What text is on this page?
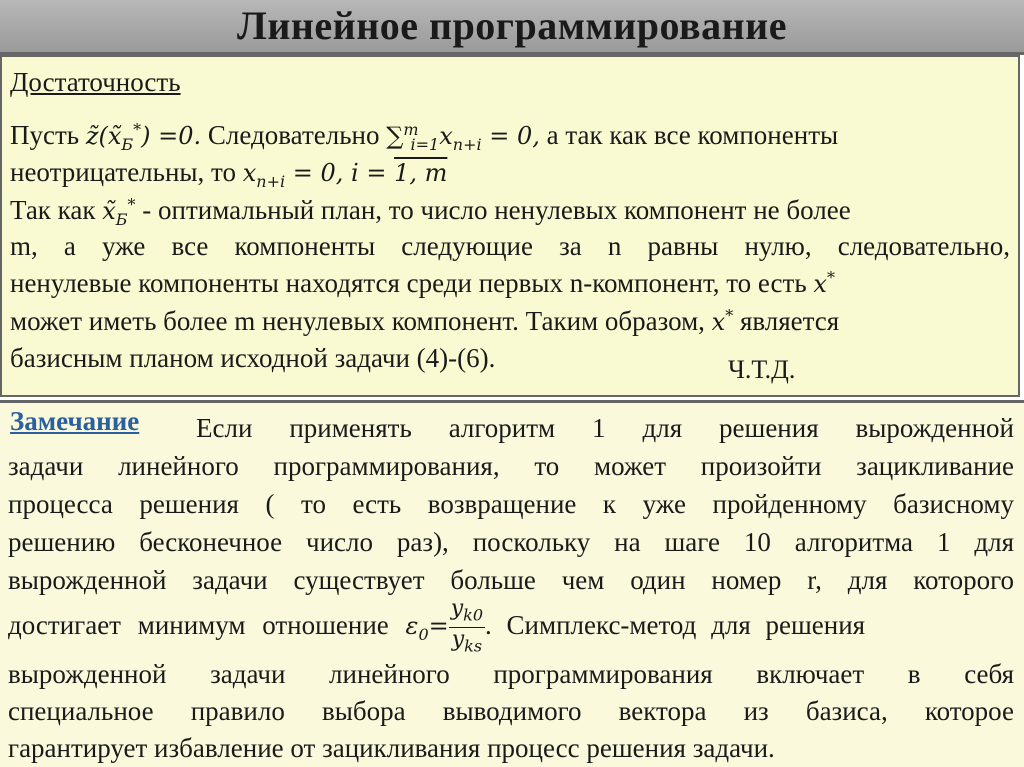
Линейное программирование
Достаточность
Пусть $z̃(x̃_Б^*) =0$. Следовательно $\sum^m_{i=1}x_{n+i} = 0$, а так как все компоненты
неотрицательны, то $x_{n+i} = 0$, i = 1, m
Так как $x̃_Б^*$ - оптимальный план, то число ненулевых компонент не более
m, а уже все компоненты следующие за n равны нулю, следовательно,
ненулевые компоненты находятся среди первых n-компонент, то есть x*
может иметь более m ненулевых компонент. Таким образом, x* является
базисным планом исходной задачи (4)-(6).	Ч.Т.Д.
Замечание Если применять алгоритм 1 для решения вырожденной
задачи линейного программирования, то может произойти зацикливание
процесса решения ( то есть возвращение к уже пройденному базисному
решению бесконечное число раз), поскольку на шаге 10 алгоритма 1 для
вырожденной задачи существует больше чем один номер r, для которого
достигает минимум отношение $\varepsilon_0= \frac{y_{k0}}{y_{ks}}$ . Симплекс-метод для решения
вырожденной задачи линейного программирования включает в себя
специальное правило выбора выводимого вектора из базиса, которое
гарантирует избавление от зацикливания процесс решения задачи.
